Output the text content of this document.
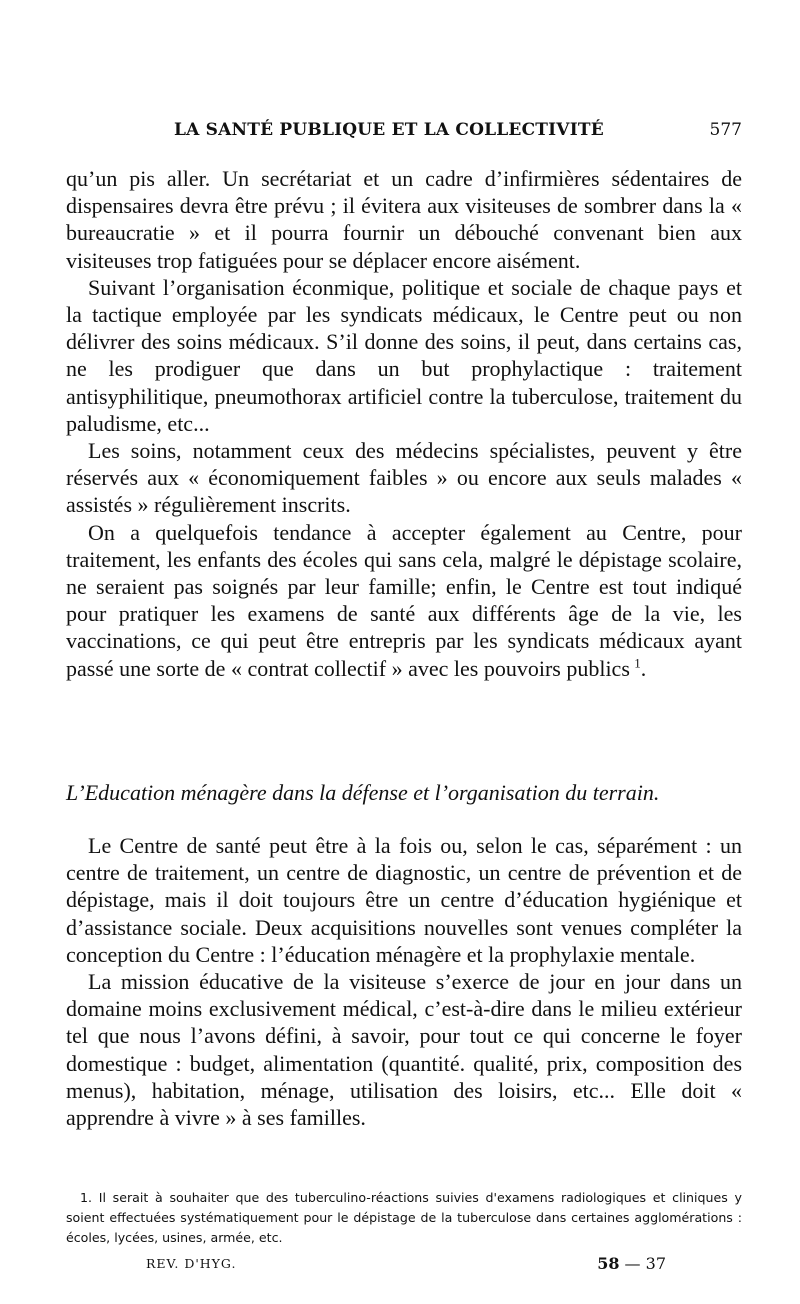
LA SANTÉ PUBLIQUE ET LA COLLECTIVITÉ	577

qu’un pis aller. Un secrétariat et un cadre d’infirmières sédentaires de dispensaires devra être prévu ; il évitera aux visiteuses de sombrer dans la « bureaucratie » et il pourra fournir un débouché convenant bien aux visiteuses trop fatiguées pour se déplacer encore aisément.

Suivant l’organisation éconmique, politique et sociale de chaque pays et la tactique employée par les syndicats médicaux, le Centre peut ou non délivrer des soins médicaux. S’il donne des soins, il peut, dans certains cas, ne les prodiguer que dans un but prophylactique : traitement antisyphilitique, pneumothorax artificiel contre la tuberculose, traitement du paludisme, etc...

Les soins, notamment ceux des médecins spécialistes, peuvent y être réservés aux « économiquement faibles » ou encore aux seuls malades « assistés » régulièrement inscrits.

On a quelquefois tendance à accepter également au Centre, pour traitement, les enfants des écoles qui sans cela, malgré le dépistage scolaire, ne seraient pas soignés par leur famille; enfin, le Centre est tout indiqué pour pratiquer les examens de santé aux différents âge de la vie, les vaccinations, ce qui peut être entrepris par les syndicats médicaux ayant passé une sorte de « contrat collectif » avec les pouvoirs publics  $^1$.

L’Education ménagère dans la défense et l’organisation du terrain.

Le Centre de santé peut être à la fois ou, selon le cas, séparément : un centre de traitement, un centre de diagnostic, un centre de prévention et de dépistage, mais il doit toujours être un centre d’éducation hygiénique et d’assistance sociale. Deux acquisitions nouvelles sont venues compléter la conception du Centre : l’éducation ménagère et la prophylaxie mentale.

La mission éducative de la visiteuse s’exerce de jour en jour dans un domaine moins exclusivement médical, c’est-à-dire dans le milieu extérieur tel que nous l’avons défini, à savoir, pour tout ce qui concerne le foyer domestique : budget, alimentation (quantité. qualité, prix, composition des menus), habitation, ménage, utilisation des loisirs, etc... Elle doit « apprendre à vivre » à ses familles.

1. Il serait à souhaiter que des tuberculino-réactions suivies d'examens radiologiques et cliniques y soient effectuées systématiquement pour le dépistage de la tuberculose dans certaines agglomérations : écoles, lycées, usines, armée, etc.

REV. D'HYG.	58 — 37
